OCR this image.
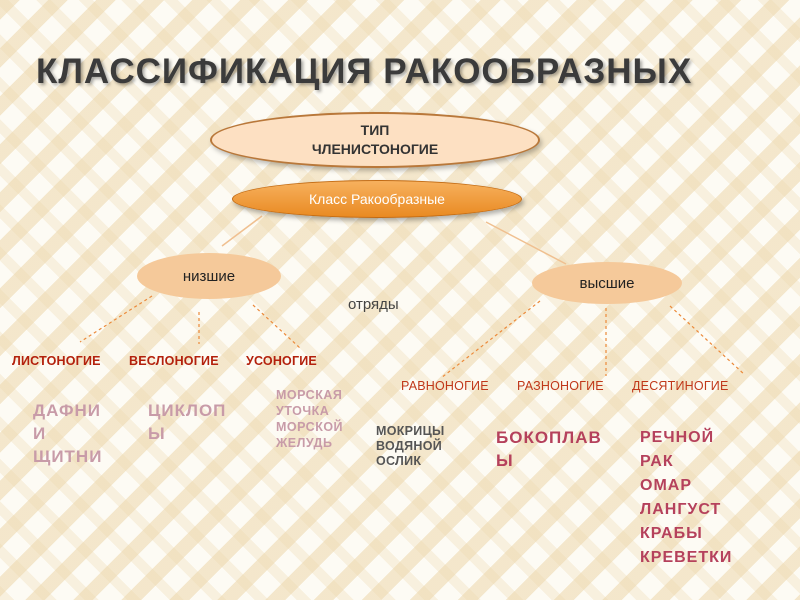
КЛАССИФИКАЦИЯ РАКООБРАЗНЫХ
ТИП
ЧЛЕНИСТОНОГИЕ
Класс Ракообразные
низшие	высшие
отряды
ЛИСТОНОГИЕ ВЕСЛОНОГИЕ УСОНОГИЕ
РАВНОНОГИЕ РАЗНОНОГИЕ ДЕСЯТИНОГИЕ
ДАФНИ
И
ЩИТНИ
ЦИКЛОП
Ы
МОРСКАЯ
УТОЧКА
МОРСКОЙ
ЖЕЛУДЬ
МОКРИЦЫ
ВОДЯНОЙ
ОСЛИК
БОКОПЛАВ
Ы
РЕЧНОЙ
РАК
ОМАР
ЛАНГУСТ
КРАБЫ
КРЕВЕТКИ
